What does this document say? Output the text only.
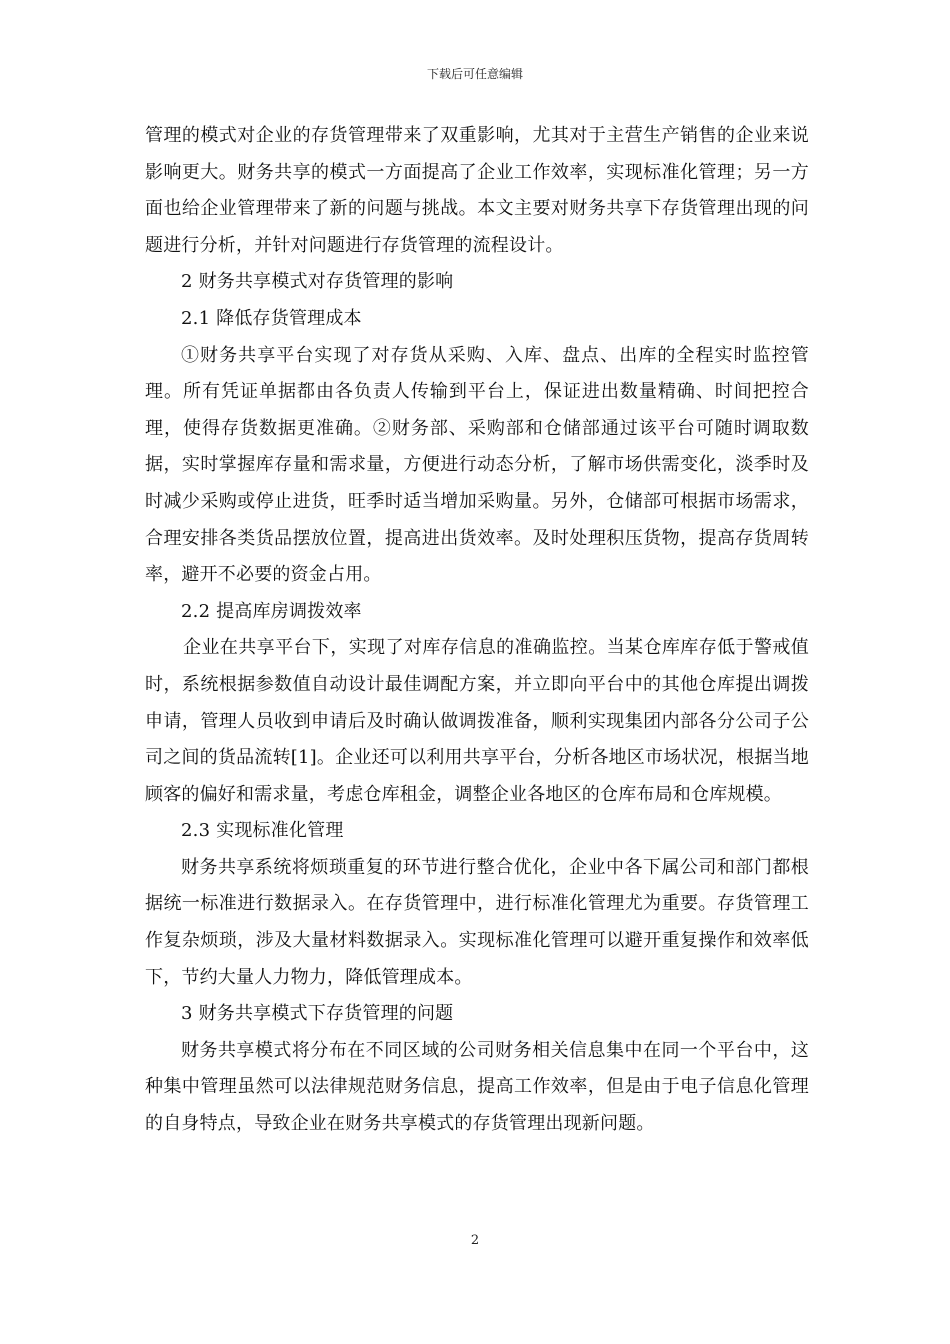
下载后可任意编辑

管理的模式对企业的存货管理带来了双重影响，尤其对于主营生产销售的企业来说影响更大。财务共享的模式一方面提高了企业工作效率，实现标准化管理；另一方面也给企业管理带来了新的问题与挑战。本文主要对财务共享下存货管理出现的问题进行分析，并针对问题进行存货管理的流程设计。

2 财务共享模式对存货管理的影响

2.1 降低存货管理成本

①财务共享平台实现了对存货从采购、入库、盘点、出库的全程实时监控管理。所有凭证单据都由各负责人传输到平台上，保证进出数量精确、时间把控合理，使得存货数据更准确。②财务部、采购部和仓储部通过该平台可随时调取数据，实时掌握库存量和需求量，方便进行动态分析，了解市场供需变化，淡季时及时减少采购或停止进货，旺季时适当增加采购量。另外，仓储部可根据市场需求，合理安排各类货品摆放位置，提高进出货效率。及时处理积压货物，提高存货周转率，避开不必要的资金占用。

2.2 提高库房调拨效率

企业在共享平台下，实现了对库存信息的准确监控。当某仓库库存低于警戒值时，系统根据参数值自动设计最佳调配方案，并立即向平台中的其他仓库提出调拨申请，管理人员收到申请后及时确认做调拨准备，顺利实现集团内部各分公司子公司之间的货品流转[1]。企业还可以利用共享平台，分析各地区市场状况，根据当地顾客的偏好和需求量，考虑仓库租金，调整企业各地区的仓库布局和仓库规模。

2.3 实现标准化管理

财务共享系统将烦琐重复的环节进行整合优化，企业中各下属公司和部门都根据统一标准进行数据录入。在存货管理中，进行标准化管理尤为重要。存货管理工作复杂烦琐，涉及大量材料数据录入。实现标准化管理可以避开重复操作和效率低下，节约大量人力物力，降低管理成本。

3 财务共享模式下存货管理的问题

财务共享模式将分布在不同区域的公司财务相关信息集中在同一个平台中，这种集中管理虽然可以法律规范财务信息，提高工作效率，但是由于电子信息化管理的自身特点，导致企业在财务共享模式的存货管理出现新问题。

2
